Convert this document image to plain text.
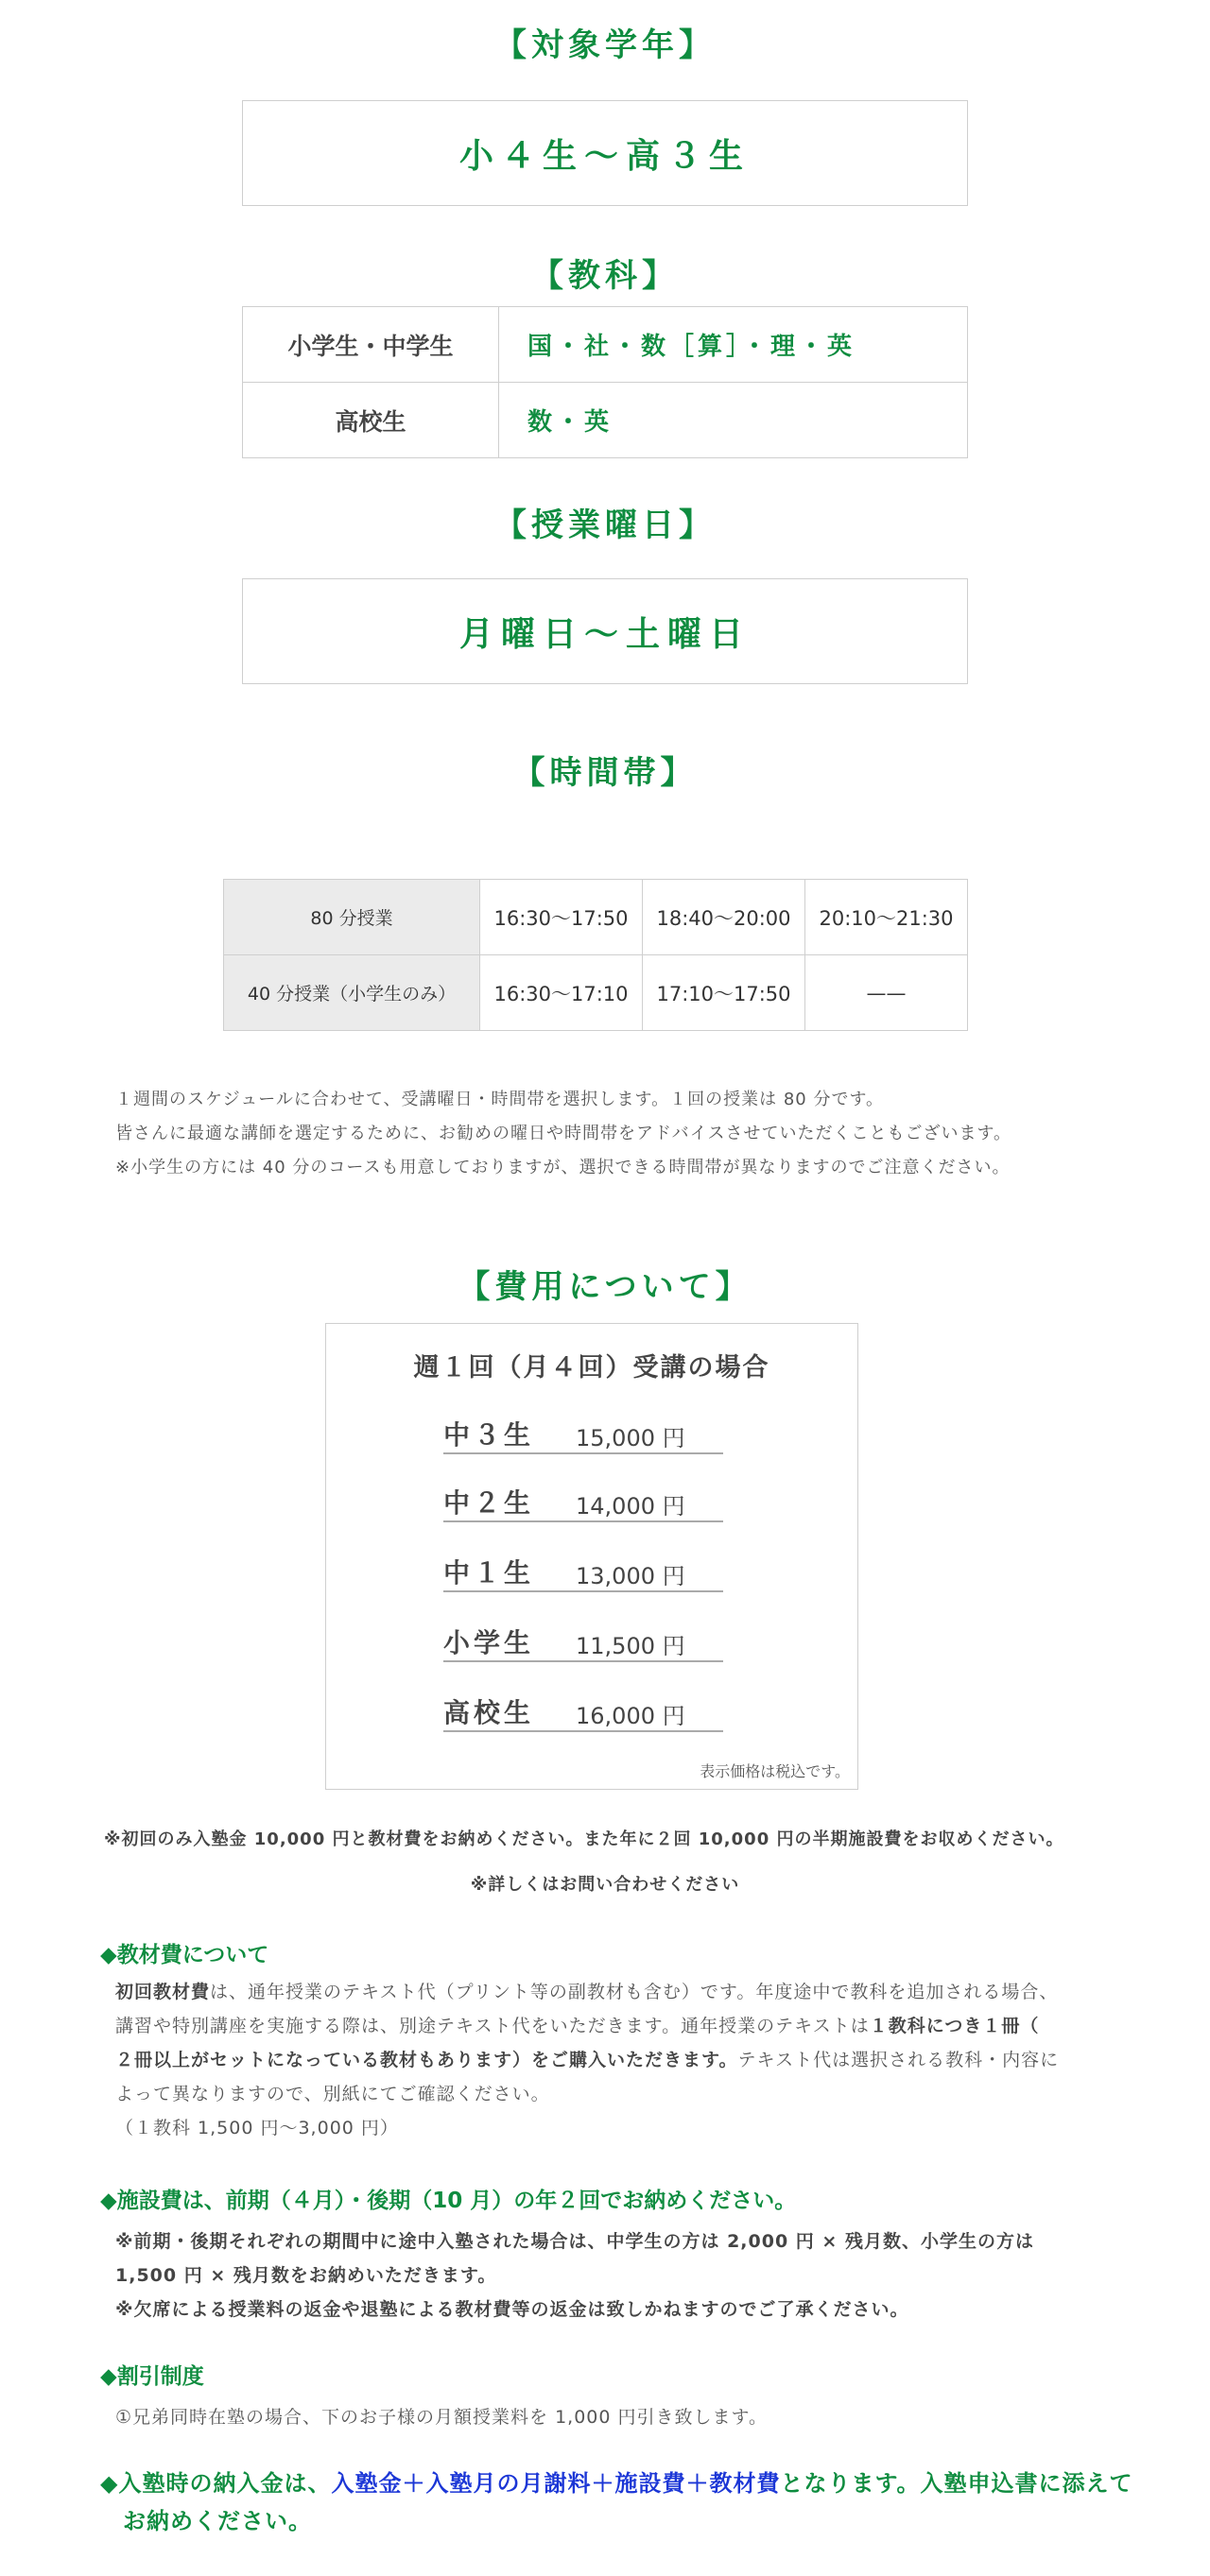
【対象学年】
小４生〜高３生
【教科】
小学生・中学生	国・社・数［算］・理・英
高校生	数・英
【授業曜日】
月曜日〜土曜日
【時間帯】
80 分授業	16:30〜17:50	18:40〜20:00	20:10〜21:30
40 分授業（小学生のみ）	16:30〜17:10	17:10〜17:50	——
１週間のスケジュールに合わせて、受講曜日・時間帯を選択します。１回の授業は 80 分です。
皆さんに最適な講師を選定するために、お勧めの曜日や時間帯をアドバイスさせていただくこともございます。
※小学生の方には 40 分のコースも用意しておりますが、選択できる時間帯が異なりますのでご注意ください。
【費用について】
週１回（月４回）受講の場合
中３生 15,000 円
中２生 14,000 円
中１生 13,000 円
小学生 11,500 円
高校生 16,000 円
表示価格は税込です。
※初回のみ入塾金 10,000 円と教材費をお納めください。また年に２回 10,000 円の半期施設費をお収めください。
※詳しくはお問い合わせください
◆教材費について
初回教材費は、通年授業のテキスト代（プリント等の副教材も含む）です。年度途中で教科を追加される場合、
講習や特別講座を実施する際は、別途テキスト代をいただきます。通年授業のテキストは１教科につき１冊（
２冊以上がセットになっている教材もあります）をご購入いただきます。テキスト代は選択される教科・内容に
よって異なりますので、別紙にてご確認ください。
（１教科 1,500 円〜3,000 円）
◆施設費は、前期（４月）・後期（10 月）の年２回でお納めください。
※前期・後期それぞれの期間中に途中入塾された場合は、中学生の方は 2,000 円 × 残月数、小学生の方は
1,500 円 × 残月数をお納めいただきます。
※欠席による授業料の返金や退塾による教材費等の返金は致しかねますのでご了承ください。
◆割引制度
①兄弟同時在塾の場合、下のお子様の月額授業料を 1,000 円引き致します。
◆入塾時の納入金は、入塾金＋入塾月の月謝料＋施設費＋教材費となります。入塾申込書に添えて
お納めください。
